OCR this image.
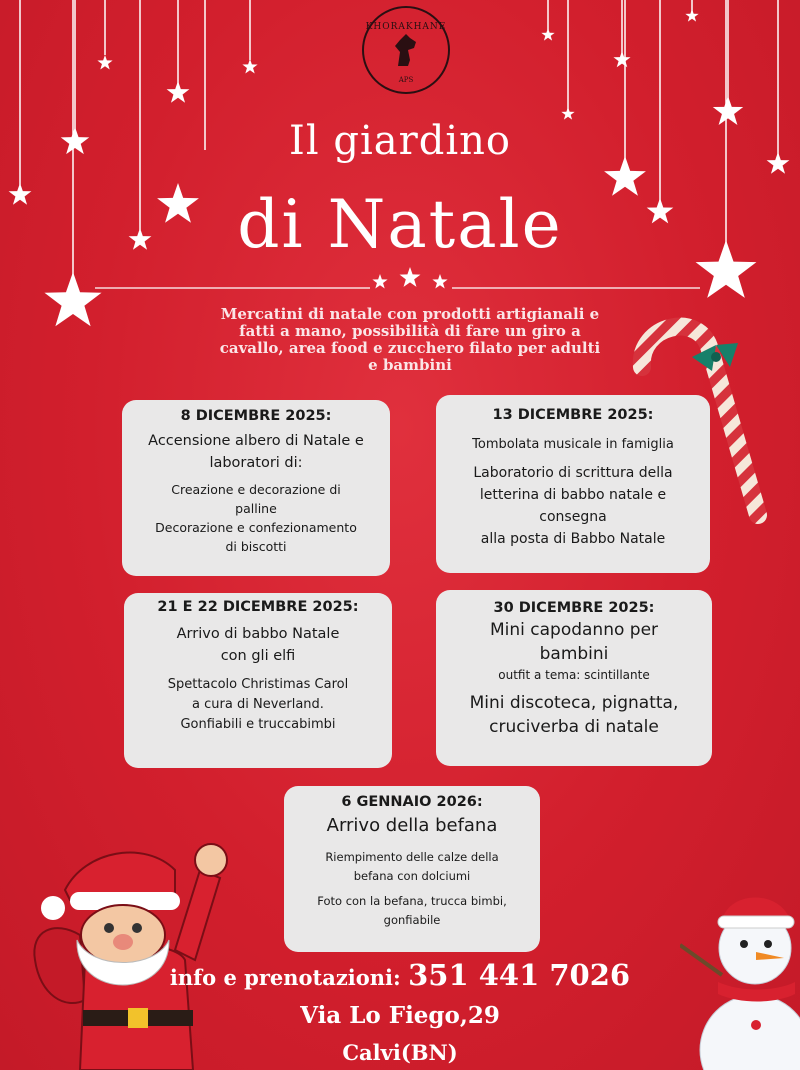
KHORAKHANE
APS
Il giardino
di Natale
Mercatini di natale con prodotti artigianali e
fatti a mano, possibilità di fare un giro a
cavallo, area food e zucchero filato per adulti
e bambini
8 DICEMBRE 2025:
Accensione albero di Natale e
laboratori di:
Creazione e decorazione di
palline
Decorazione e confezionamento
di biscotti
13 DICEMBRE 2025:
Tombolata musicale in famiglia
Laboratorio di scrittura della
letterina di babbo natale e
consegna
alla posta di Babbo Natale
21 E 22 DICEMBRE 2025:
Arrivo di babbo Natale
con gli elfi
Spettacolo Christimas Carol
a cura di Neverland.
Gonfiabili e truccabimbi
30 DICEMBRE 2025:
Mini capodanno per
bambini
outfit a tema: scintillante
Mini discoteca, pignatta,
cruciverba di natale
6 GENNAIO 2026:
Arrivo della befana
Riempimento delle calze della
befana con dolciumi
Foto con la befana, trucca bimbi,
gonfiabile
info e prenotazioni: 351 441 7026
Via Lo Fiego,29
Calvi(BN)
